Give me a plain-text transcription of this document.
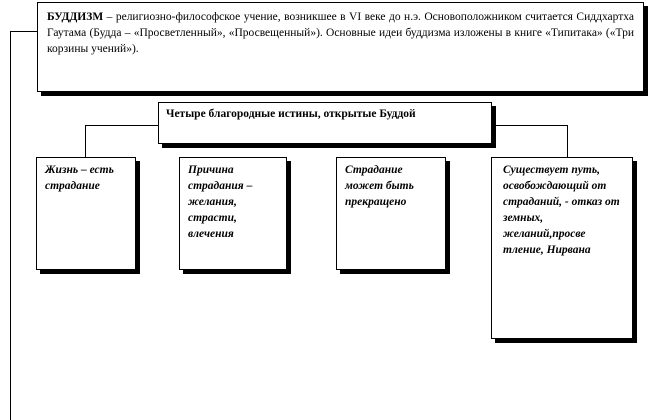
БУДДИЗМ – религиозно-философское учение, возникшее в VI веке до н.э. Основоположником считается Сиддхартха Гаутама (Будда – «Просветленный», «Просвещенный»). Основные идеи буддизма изложены в книге «Типитака» («Три корзины учений»).
Четыре благородные истины, открытые Буддой
Жизнь – есть страдание
Причина страдания – желания, страсти, влечения
Страдание может быть прекращено
Существует путь, освобождающий от страданий, - отказ от земных, желаний,просве тление, Нирвана
